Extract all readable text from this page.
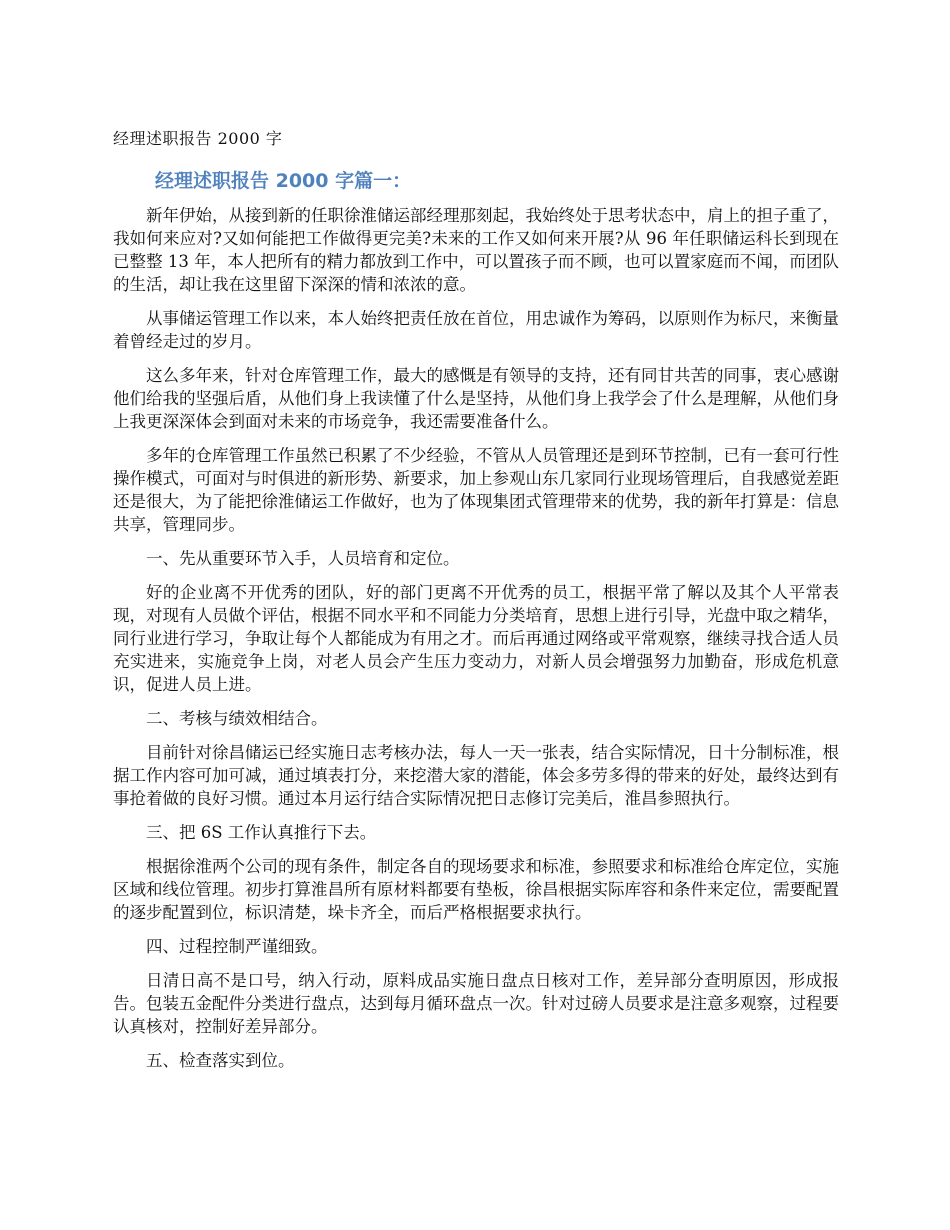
经理述职报告 2000 字
经理述职报告 2000 字篇一：

新年伊始，从接到新的任职徐淮储运部经理那刻起，我始终处于思考状态中，肩上的担子重了，我如何来应对?又如何能把工作做得更完美?未来的工作又如何来开展?从 96 年任职储运科长到现在已整整 13 年，本人把所有的精力都放到工作中，可以置孩子而不顾，也可以置家庭而不闻，而团队的生活，却让我在这里留下深深的情和浓浓的意。

从事储运管理工作以来，本人始终把责任放在首位，用忠诚作为筹码，以原则作为标尺，来衡量着曾经走过的岁月。

这么多年来，针对仓库管理工作，最大的感慨是有领导的支持，还有同甘共苦的同事，衷心感谢他们给我的坚强后盾，从他们身上我读懂了什么是坚持，从他们身上我学会了什么是理解，从他们身上我更深深体会到面对未来的市场竞争，我还需要准备什么。

多年的仓库管理工作虽然已积累了不少经验，不管从人员管理还是到环节控制，已有一套可行性操作模式，可面对与时俱进的新形势、新要求，加上参观山东几家同行业现场管理后，自我感觉差距还是很大，为了能把徐淮储运工作做好，也为了体现集团式管理带来的优势，我的新年打算是：信息共享，管理同步。

一、先从重要环节入手，人员培育和定位。

好的企业离不开优秀的团队，好的部门更离不开优秀的员工，根据平常了解以及其个人平常表现，对现有人员做个评估，根据不同水平和不同能力分类培育，思想上进行引导，光盘中取之精华，同行业进行学习，争取让每个人都能成为有用之才。而后再通过网络或平常观察，继续寻找合适人员充实进来，实施竞争上岗，对老人员会产生压力变动力，对新人员会增强努力加勤奋，形成危机意识，促进人员上进。

二、考核与绩效相结合。

目前针对徐昌储运已经实施日志考核办法，每人一天一张表，结合实际情况，日十分制标准，根据工作内容可加可减，通过填表打分，来挖潜大家的潜能，体会多劳多得的带来的好处，最终达到有事抢着做的良好习惯。通过本月运行结合实际情况把日志修订完美后，淮昌参照执行。

三、把 6S 工作认真推行下去。

根据徐淮两个公司的现有条件，制定各自的现场要求和标准，参照要求和标准给仓库定位，实施区域和线位管理。初步打算淮昌所有原材料都要有垫板，徐昌根据实际库容和条件来定位，需要配置的逐步配置到位，标识清楚，垛卡齐全，而后严格根据要求执行。

四、过程控制严谨细致。

日清日高不是口号，纳入行动，原料成品实施日盘点日核对工作，差异部分查明原因，形成报告。包装五金配件分类进行盘点，达到每月循环盘点一次。针对过磅人员要求是注意多观察，过程要认真核对，控制好差异部分。

五、检查落实到位。
